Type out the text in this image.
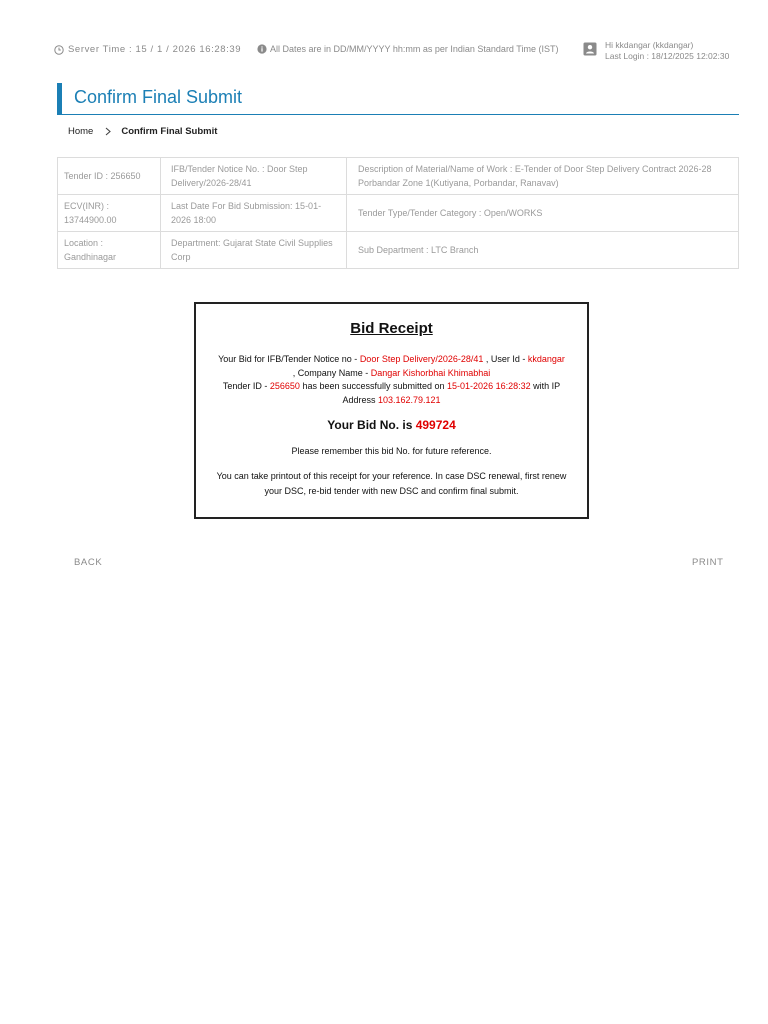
Server Time : 15 / 1 / 2026 16:28:39	All Dates are in DD/MM/YYYY hh:mm as per Indian Standard Time (IST)	Hi kkdangar (kkdangar)
Last Login : 18/12/2025 12:02:30
Confirm Final Submit
Home	Confirm Final Submit
Tender ID : 256650	IFB/Tender Notice No. : Door Step Delivery/2026-28/41	Description of Material/Name of Work : E-Tender of Door Step Delivery Contract 2026-28 Porbandar Zone 1(Kutiyana, Porbandar, Ranavav)
ECV(INR) : 13744900.00	Last Date For Bid Submission: 15-01-2026 18:00	Tender Type/Tender Category : Open/WORKS
Location : Gandhinagar	Department: Gujarat State Civil Supplies Corp	Sub Department : LTC Branch
Bid Receipt
Your Bid for IFB/Tender Notice no - Door Step Delivery/2026-28/41 , User Id - kkdangar
, Company Name - Dangar Kishorbhai Khimabhai
Tender ID - 256650 has been successfully submitted on 15-01-2026 16:28:32 with IP
Address 103.162.79.121
Your Bid No. is 499724
Please remember this bid No. for future reference.
You can take printout of this receipt for your reference. In case DSC renewal, first renew your DSC, re-bid tender with new DSC and confirm final submit.
BACK	PRINT
